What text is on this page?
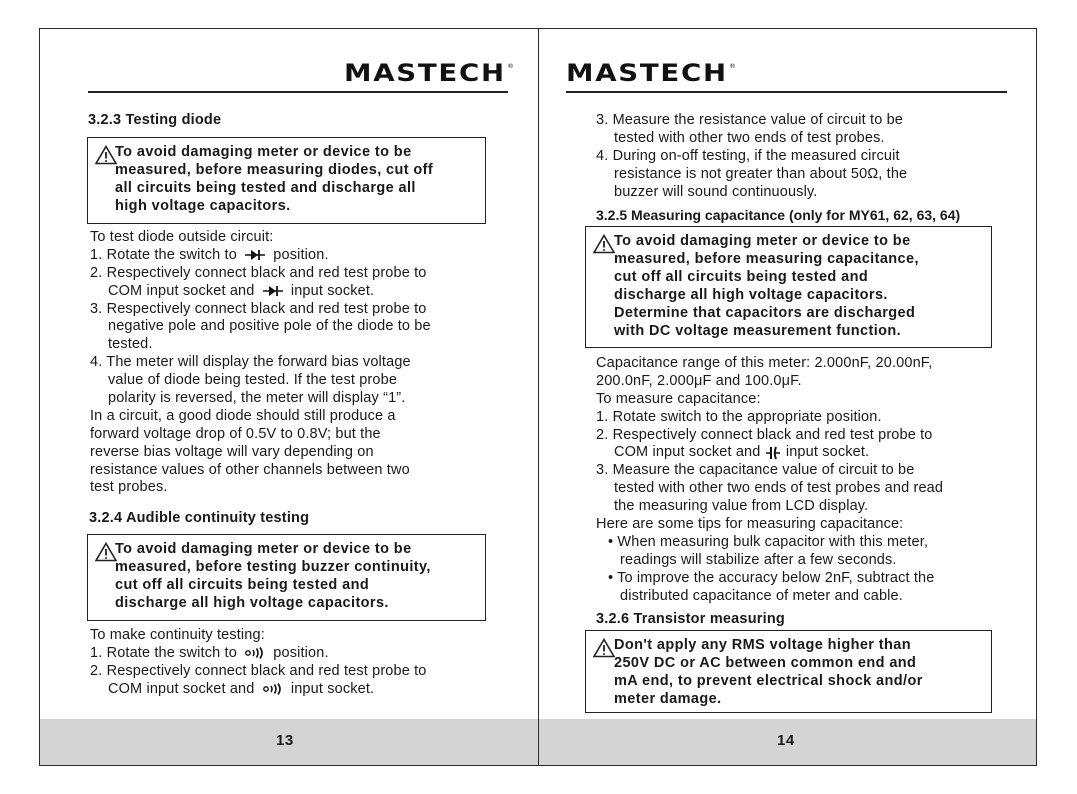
MASTECH®
3.2.3 Testing diode
To avoid damaging meter or device to be
measured, before measuring diodes, cut off
all circuits being tested and discharge all
high voltage capacitors.
To test diode outside circuit:
1. Rotate the switch to	position.
2. Respectively connect black and red test probe to
COM input socket and	input socket.
3. Respectively connect black and red test probe to
negative pole and positive pole of the diode to be
tested.
4. The meter will display the forward bias voltage
value of diode being tested. If the test probe
polarity is reversed, the meter will display “1”.
In a circuit, a good diode should still produce a
forward voltage drop of 0.5V to 0.8V; but the
reverse bias voltage will vary depending on
resistance values of other channels between two
test probes.
3.2.4 Audible continuity testing
To avoid damaging meter or device to be
measured, before testing buzzer continuity,
cut off all circuits being tested and
discharge all high voltage capacitors.
To make continuity testing:
1. Rotate the switch to	position.
2. Respectively connect black and red test probe to
COM input socket and	input socket.
13
MASTECH®
3. Measure the resistance value of circuit to be
tested with other two ends of test probes.
4. During on-off testing, if the measured circuit
resistance is not greater than about 50Ω, the
buzzer will sound continuously.
3.2.5 Measuring capacitance (only for MY61, 62, 63, 64)
To avoid damaging meter or device to be
measured, before measuring capacitance,
cut off all circuits being tested and
discharge all high voltage capacitors.
Determine that capacitors are discharged
with DC voltage measurement function.
Capacitance range of this meter: 2.000nF, 20.00nF,
200.0nF, 2.000μF and 100.0μF.
To measure capacitance:
1. Rotate switch to the appropriate position.
2. Respectively connect black and red test probe to
COM input socket and input socket.
3. Measure the capacitance value of circuit to be
tested with other two ends of test probes and read
the measuring value from LCD display.
Here are some tips for measuring capacitance:
• When measuring bulk capacitor with this meter,
readings will stabilize after a few seconds.
• To improve the accuracy below 2nF, subtract the
distributed capacitance of meter and cable.
3.2.6 Transistor measuring
Don't apply any RMS voltage higher than
250V DC or AC between common end and
mA end, to prevent electrical shock and/or
meter damage.
14
